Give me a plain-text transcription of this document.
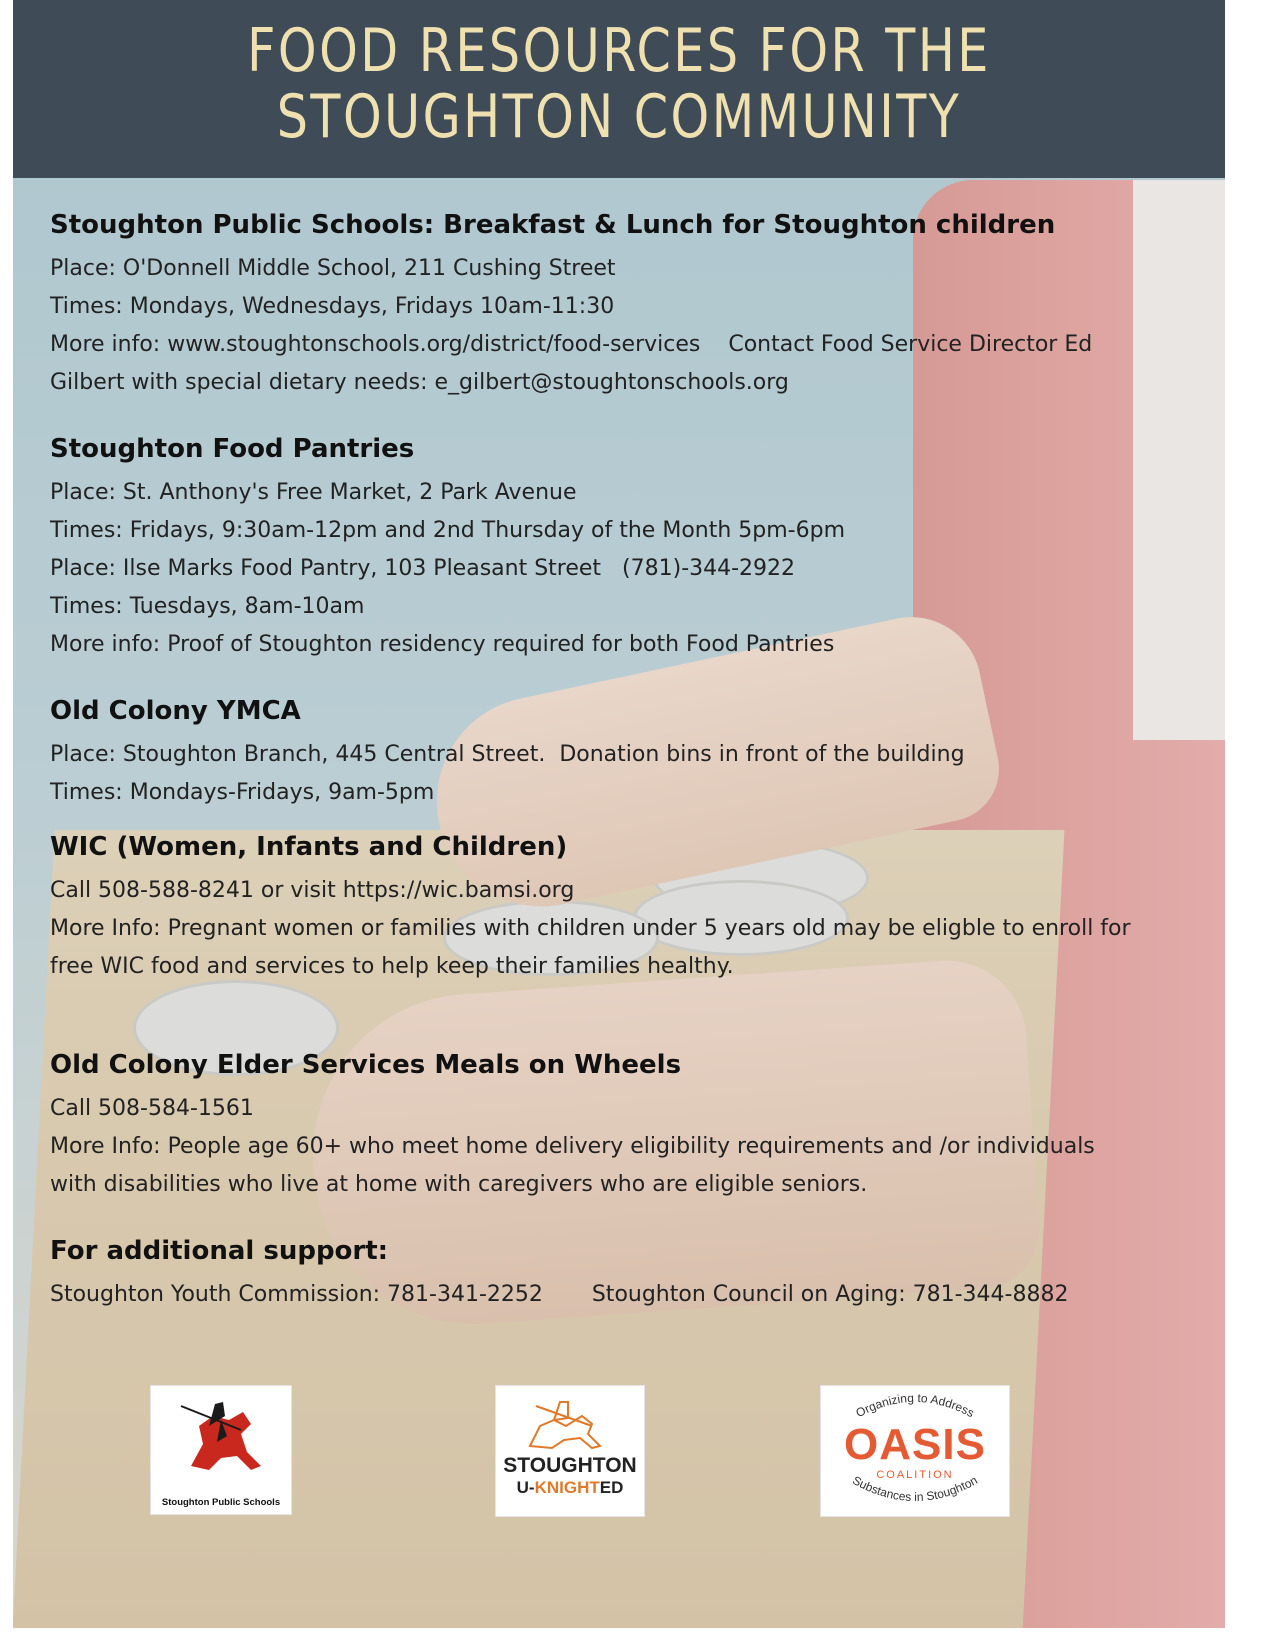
FOOD RESOURCES FOR THE
STOUGHTON COMMUNITY
Stoughton Public Schools: Breakfast & Lunch for Stoughton children

Place: O'Donnell Middle School, 211 Cushing Street

Times: Mondays, Wednesdays, Fridays 10am-11:30

More info: www.stoughtonschools.org/district/food-services    Contact Food Service Director Ed

Gilbert with special dietary needs: e_gilbert@stoughtonschools.org

Stoughton Food Pantries

Place: St. Anthony's Free Market, 2 Park Avenue

Times: Fridays, 9:30am-12pm and 2nd Thursday of the Month 5pm-6pm

Place: Ilse Marks Food Pantry, 103 Pleasant Street   (781)-344-2922

Times: Tuesdays, 8am-10am

More info: Proof of Stoughton residency required for both Food Pantries

Old Colony YMCA

Place: Stoughton Branch, 445 Central Street.  Donation bins in front of the building

Times: Mondays-Fridays, 9am-5pm

WIC (Women, Infants and Children)

Call 508-588-8241 or visit https://wic.bamsi.org

More Info: Pregnant women or families with children under 5 years old may be eligble to enroll for

free WIC food and services to help keep their families healthy.

Old Colony Elder Services Meals on Wheels

Call 508-584-1561

More Info: People age 60+ who meet home delivery eligibility requirements and /or individuals

with disabilities who live at home with caregivers who are eligible seniors.

For additional support:

Stoughton Youth Commission: 781-341-2252       Stoughton Council on Aging: 781-344-8882

Stoughton Public Schools
STOUGHTON
U-KNIGHTED
Organizing to Address
Substances in Stoughton
OASIS
COALITION
